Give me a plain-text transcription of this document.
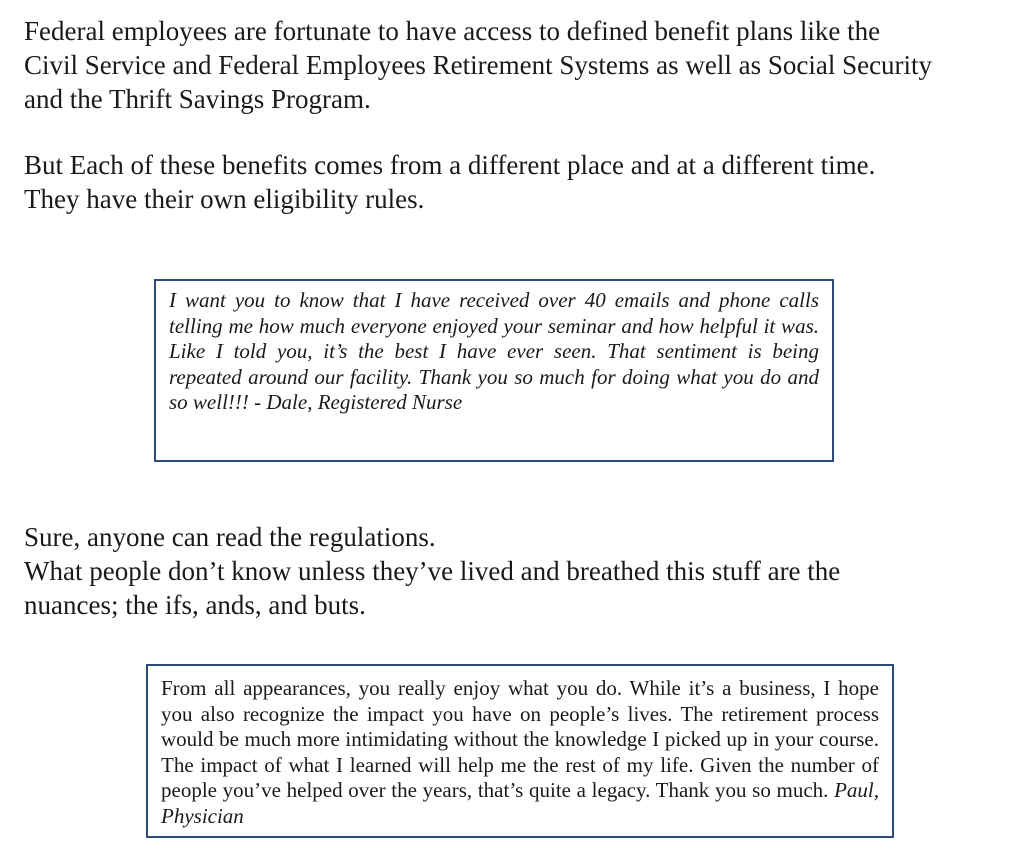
Federal employees are fortunate to have access to defined benefit plans like the
Civil Service and Federal Employees Retirement Systems as well as Social Security
and the Thrift Savings Program.
But Each of these benefits comes from a different place and at a different time.
They have their own eligibility rules.

I want you to know that I have received over 40 emails and phone calls telling me how much everyone enjoyed your seminar and how helpful it was. Like I told you, it’s the best I have ever seen. That sentiment is being repeated around our facility. Thank you so much for doing what you do and so well!!! - Dale, Registered Nurse

Sure, anyone can read the regulations.
What people don’t know unless they’ve lived and breathed this stuff are the
nuances; the ifs, ands, and buts.

From all appearances, you really enjoy what you do. While it’s a business, I hope you also recognize the impact you have on people’s lives. The retirement process would be much more intimidating without the knowledge I picked up in your course. The impact of what I learned will help me the rest of my life. Given the number of people you’ve helped over the years, that’s quite a legacy. Thank you so much. Paul, Physician
